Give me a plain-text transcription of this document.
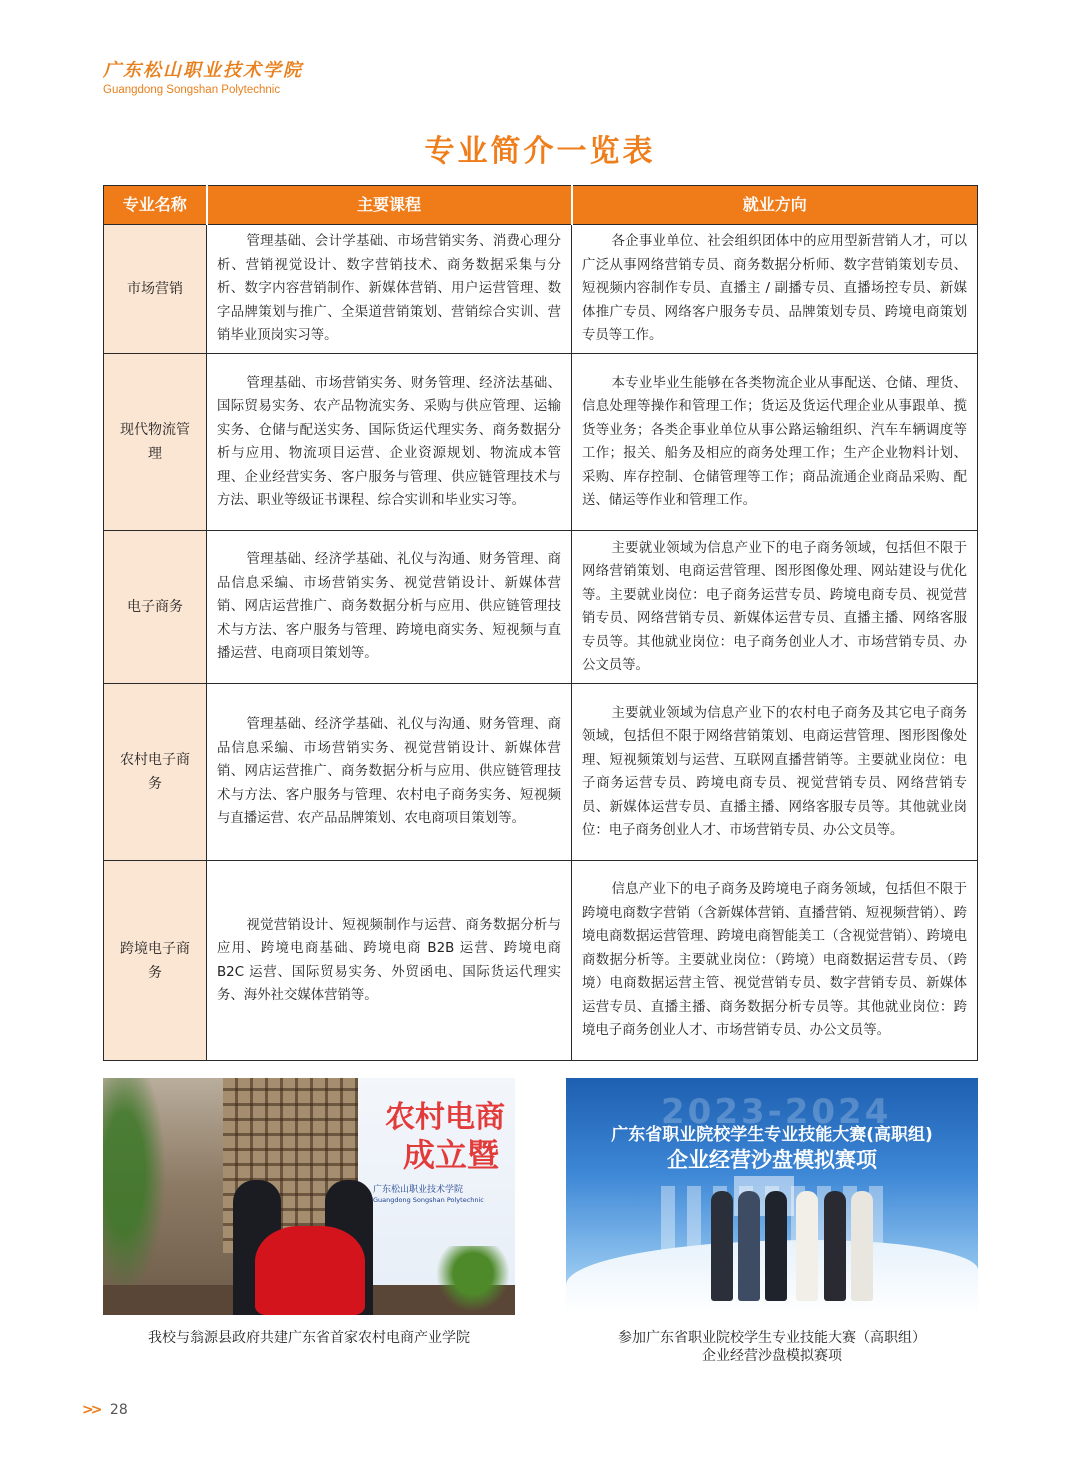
广东松山职业技术学院
Guangdong Songshan Polytechnic
专业简介一览表
专业名称	主要课程	就业方向
市场营销	管理基础、会计学基础、市场营销实务、消费心理分析、营销视觉设计、数字营销技术、商务数据采集与分析、数字内容营销制作、新媒体营销、用户运营管理、数字品牌策划与推广、全渠道营销策划、营销综合实训、营销毕业顶岗实习等。	各企事业单位、社会组织团体中的应用型新营销人才，可以广泛从事网络营销专员、商务数据分析师、数字营销策划专员、短视频内容制作专员、直播主 / 副播专员、直播场控专员、新媒体推广专员、网络客户服务专员、品牌策划专员、跨境电商策划专员等工作。

现代物流管理	管理基础、市场营销实务、财务管理、经济法基础、国际贸易实务、农产品物流实务、采购与供应管理、运输实务、仓储与配送实务、国际货运代理实务、商务数据分析与应用、物流项目运营、企业资源规划、物流成本管理、企业经营实务、客户服务与管理、供应链管理技术与方法、职业等级证书课程、综合实训和毕业实习等。	本专业毕业生能够在各类物流企业从事配送、仓储、理货、信息处理等操作和管理工作；货运及货运代理企业从事跟单、揽货等业务；各类企事业单位从事公路运输组织、汽车车辆调度等工作；报关、船务及相应的商务处理工作；生产企业物料计划、采购、库存控制、仓储管理等工作；商品流通企业商品采购、配送、储运等作业和管理工作。

电子商务	管理基础、经济学基础、礼仪与沟通、财务管理、商品信息采编、市场营销实务、视觉营销设计、新媒体营销、网店运营推广、商务数据分析与应用、供应链管理技术与方法、客户服务与管理、跨境电商实务、短视频与直播运营、电商项目策划等。	主要就业领域为信息产业下的电子商务领域，包括但不限于网络营销策划、电商运营管理、图形图像处理、网站建设与优化等。主要就业岗位：电子商务运营专员、跨境电商专员、视觉营销专员、网络营销专员、新媒体运营专员、直播主播、网络客服专员等。其他就业岗位：电子商务创业人才、市场营销专员、办公文员等。

农村电子商务	管理基础、经济学基础、礼仪与沟通、财务管理、商品信息采编、市场营销实务、视觉营销设计、新媒体营销、网店运营推广、商务数据分析与应用、供应链管理技术与方法、客户服务与管理、农村电子商务实务、短视频与直播运营、农产品品牌策划、农电商项目策划等。	主要就业领域为信息产业下的农村电子商务及其它电子商务领域，包括但不限于网络营销策划、电商运营管理、图形图像处理、短视频策划与运营、互联网直播营销等。主要就业岗位：电子商务运营专员、跨境电商专员、视觉营销专员、网络营销专员、新媒体运营专员、直播主播、网络客服专员等。其他就业岗位：电子商务创业人才、市场营销专员、办公文员等。

跨境电子商务	视觉营销设计、短视频制作与运营、商务数据分析与应用、跨境电商基础、跨境电商 B2B 运营、跨境电商 B2C 运营、国际贸易实务、外贸函电、国际货运代理实务、海外社交媒体营销等。	信息产业下的电子商务及跨境电子商务领域，包括但不限于跨境电商数字营销（含新媒体营销、直播营销、短视频营销）、跨境电商数据运营管理、跨境电商智能美工（含视觉营销）、跨境电商数据分析等。主要就业岗位：（跨境）电商数据运营专员、（跨境）电商数据运营主管、视觉营销专员、数字营销专员、新媒体运营专员、直播主播、商务数据分析专员等。其他就业岗位：跨境电子商务创业人才、市场营销专员、办公文员等。

农村电商
成立暨
广东松山职业技术学院
Guangdong Songshan Polytechnic
2023-2024
广东省职业院校学生专业技能大赛(高职组)
企业经营沙盘模拟赛项
我校与翁源县政府共建广东省首家农村电商产业学院	参加广东省职业院校学生专业技能大赛（高职组）
企业经营沙盘模拟赛项
>> 28
